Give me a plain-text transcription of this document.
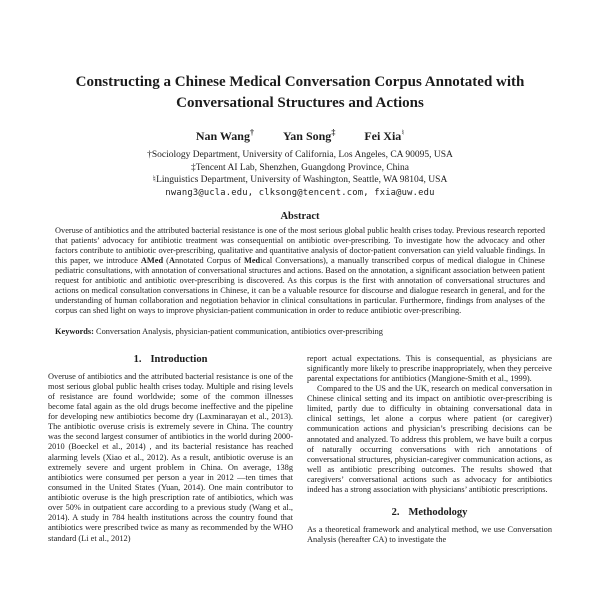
Constructing a Chinese Medical Conversation Corpus Annotated with
Conversational Structures and Actions
Nan Wang† Yan Song‡ Fei Xia♮
†Sociology Department, University of California, Los Angeles, CA 90095, USA
‡Tencent AI Lab, Shenzhen, Guangdong Province, China
♮Linguistics Department, University of Washington, Seattle, WA 98104, USA
nwang3@ucla.edu, clksong@tencent.com, fxia@uw.edu
Abstract
Overuse of antibiotics and the attributed bacterial resistance is one of the most serious global public health crises today. Previous research reported that patients’ advocacy for antibiotic treatment was consequential on antibiotic over-prescribing. To investigate how the advocacy and other factors contribute to antibiotic over-prescribing, qualitative and quantitative analysis of doctor-patient conversation can yield valuable findings. In this paper, we introduce AMed (Annotated Corpus of Medical Conversations), a manually transcribed corpus of medical dialogue in Chinese pediatric consultations, with annotation of conversational structures and actions. Based on the annotation, a significant association between patient request for antibiotic and antibiotic over-prescribing is discovered. As this corpus is the first with annotation of conversational structures and actions on medical consultation conversations in Chinese, it can be a valuable resource for discourse and dialogue research in general, and for the understanding of human collaboration and negotiation behavior in clinical consultations in particular. Furthermore, findings from analyses of the corpus can shed light on ways to improve physician-patient communication in order to reduce antibiotic over-prescribing.
Keywords: Conversation Analysis, physician-patient communication, antibiotics over-prescribing
1. Introduction

Overuse of antibiotics and the attributed bacterial resistance is one of the most serious global public health crises today. Multiple and rising levels of resistance are found worldwide; some of the common illnesses become fatal again as the old drugs become ineffective and the pipeline for developing new antibiotics become dry (Laxminarayan et al., 2013). The antibiotic overuse crisis is extremely severe in China. The country was the second largest consumer of antibiotics in the world during 2000-2010 (Boeckel et al., 2014) , and its bacterial resistance has reached alarming levels (Xiao et al., 2012). As a result, antibiotic overuse is an extremely severe and urgent problem in China. On average, 138g antibiotics were consumed per person a year in 2012 —ten times that consumed in the United States (Yuan, 2014). One main contributor to antibiotic overuse is the high prescription rate of antibiotics, which was over 50% in outpatient care according to a previous study (Wang et al., 2014). A study in 784 health institutions across the country found that antibiotics were prescribed twice as many as recommended by the WHO standard (Li et al., 2012)

report actual expectations. This is consequential, as physicians are significantly more likely to prescribe inappropriately, when they perceive parental expectations for antibiotics (Mangione-Smith et al., 1999).

Compared to the US and the UK, research on medical conversation in Chinese clinical setting and its impact on antibiotic over-prescribing is limited, partly due to difficulty in obtaining conversational data in clinical settings, let alone a corpus where patient (or caregiver) communication actions and physician’s prescribing decisions can be annotated and analyzed. To address this problem, we have built a corpus of naturally occurring conversations with rich annotations of conversational structures, physician-caregiver communication actions, as well as antibiotic prescribing outcomes. The results showed that caregivers’ conversational actions such as advocacy for antibiotics indeed has a strong association with physicians’ antibiotic prescriptions.

2. Methodology

As a theoretical framework and analytical method, we use Conversation Analysis (hereafter CA) to investigate the
